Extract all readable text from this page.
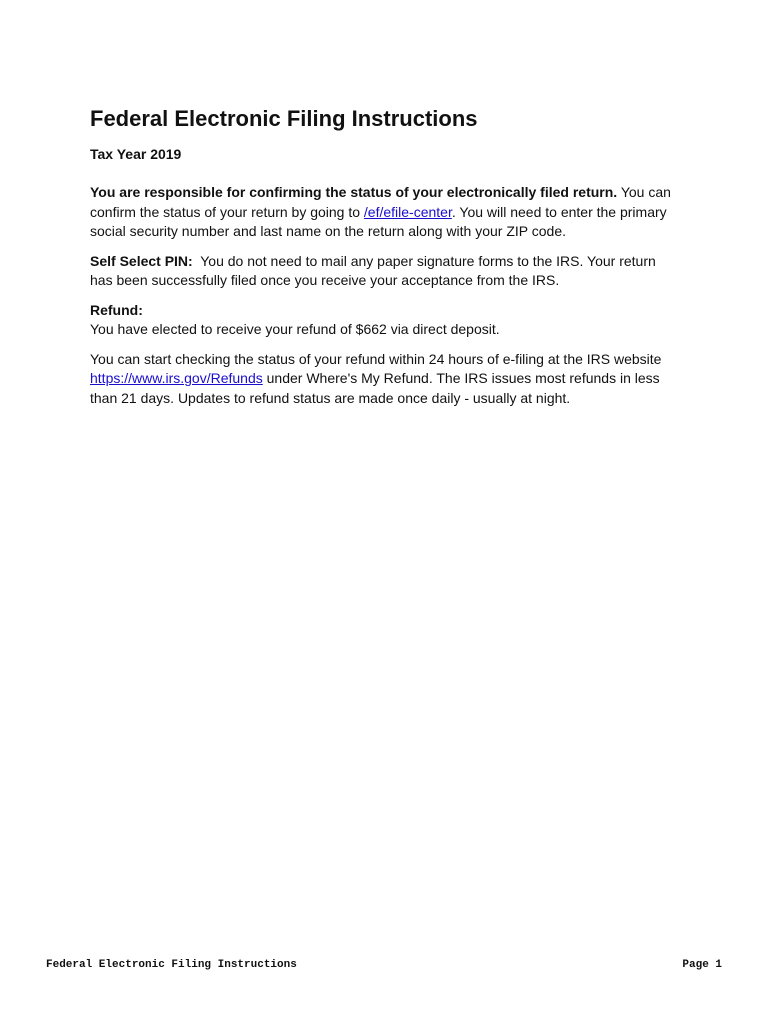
Federal Electronic Filing Instructions
Tax Year 2019

You are responsible for confirming the status of your electronically filed return. You can confirm the status of your return by going to /ef/efile-center. You will need to enter the primary social security number and last name on the return along with your ZIP code.

Self Select PIN:  You do not need to mail any paper signature forms to the IRS. Your return has been successfully filed once you receive your acceptance from the IRS.

Refund:
You have elected to receive your refund of $662 via direct deposit.

You can start checking the status of your refund within 24 hours of e-filing at the IRS website https://www.irs.gov/Refunds under Where's My Refund. The IRS issues most refunds in less than 21 days. Updates to refund status are made once daily - usually at night.

Federal Electronic Filing Instructions	Page 1
